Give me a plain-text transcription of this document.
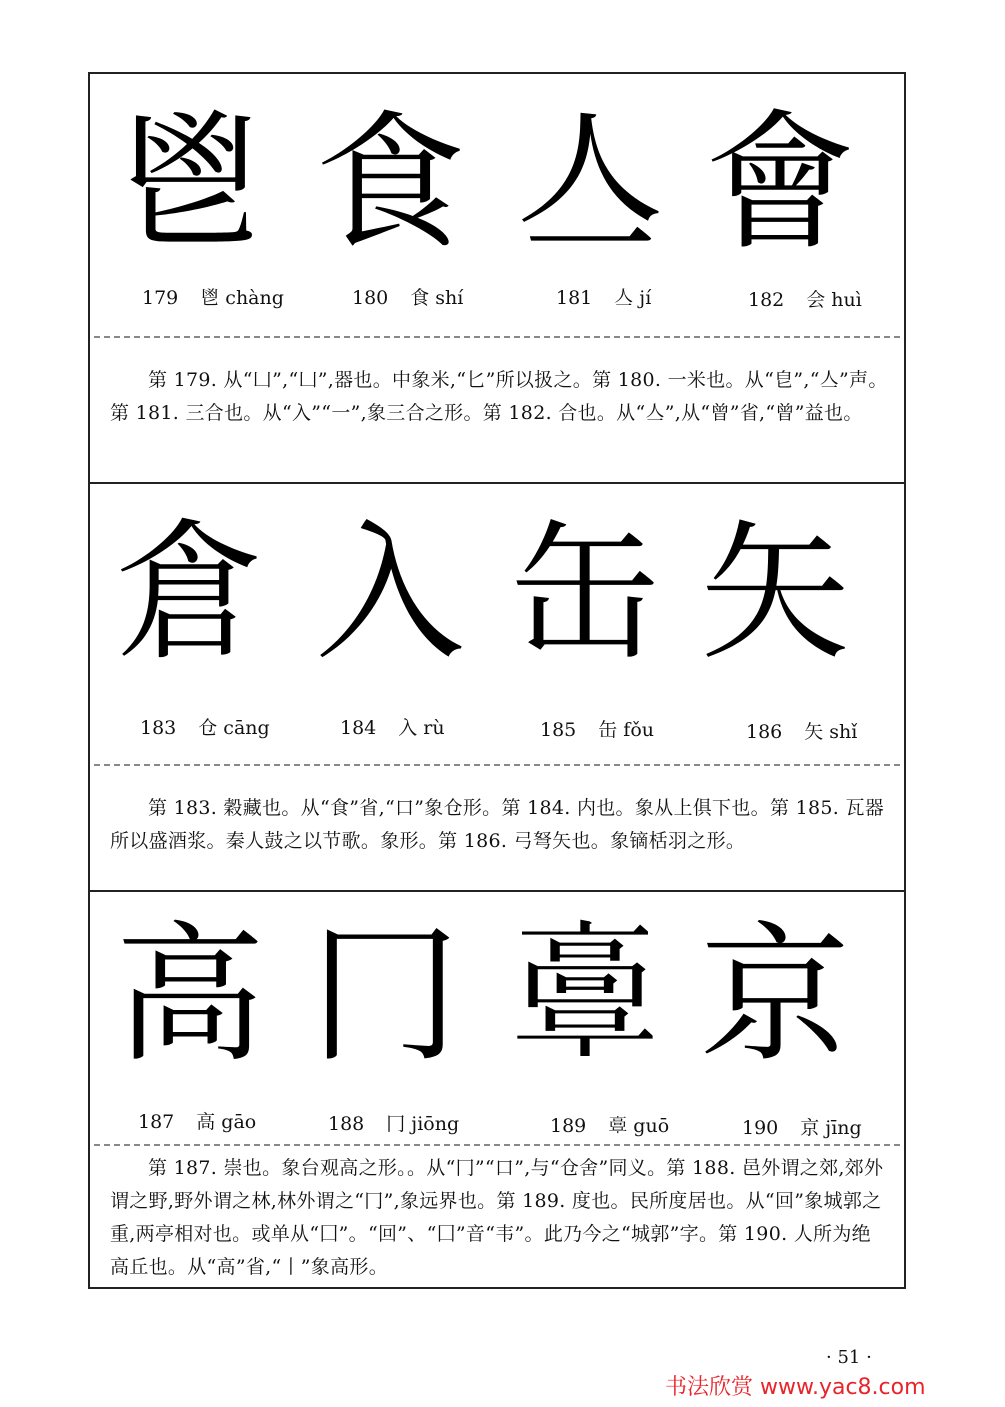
鬯 食 亼 會
179 鬯 chàng	180 食 shí	181 亼 jí	182 会 huì
第 179. 从“凵”,“凵”,器也。中象米,“匕”所以扱之。第 180. 一米也。从“皀”,“亼”声。第 181. 三合也。从“入”“一”,象三合之形。第 182. 合也。从“亼”,从“曾”省,“曾”益也。
倉 入 缶 矢
183 仓 cāng	184 入 rù	185 缶 fǒu	186 矢 shǐ
第 183. 穀藏也。从“食”省,“口”象仓形。第 184. 内也。象从上俱下也。第 185. 瓦器所以盛酒浆。秦人鼓之以节歌。象形。第 186. 弓弩矢也。象镝栝羽之形。
高 冂 𩫏 京
187 高 gāo	188 冂 jiōng	189 𩫏 guō	190 京 jīng
第 187. 崇也。象台观高之形。。从“冂”“口”,与“仓舍”同义。第 188. 邑外谓之郊,郊外谓之野,野外谓之林,林外谓之“冂”,象远界也。第 189. 度也。民所度居也。从“回”象城郭之重,两亭相对也。或单从“囗”。“回”、“囗”音“韦”。此乃今之“城郭”字。第 190. 人所为绝高丘也。从“高”省,“丨”象高形。
· 51 ·
书法欣赏 www.yac8.com
